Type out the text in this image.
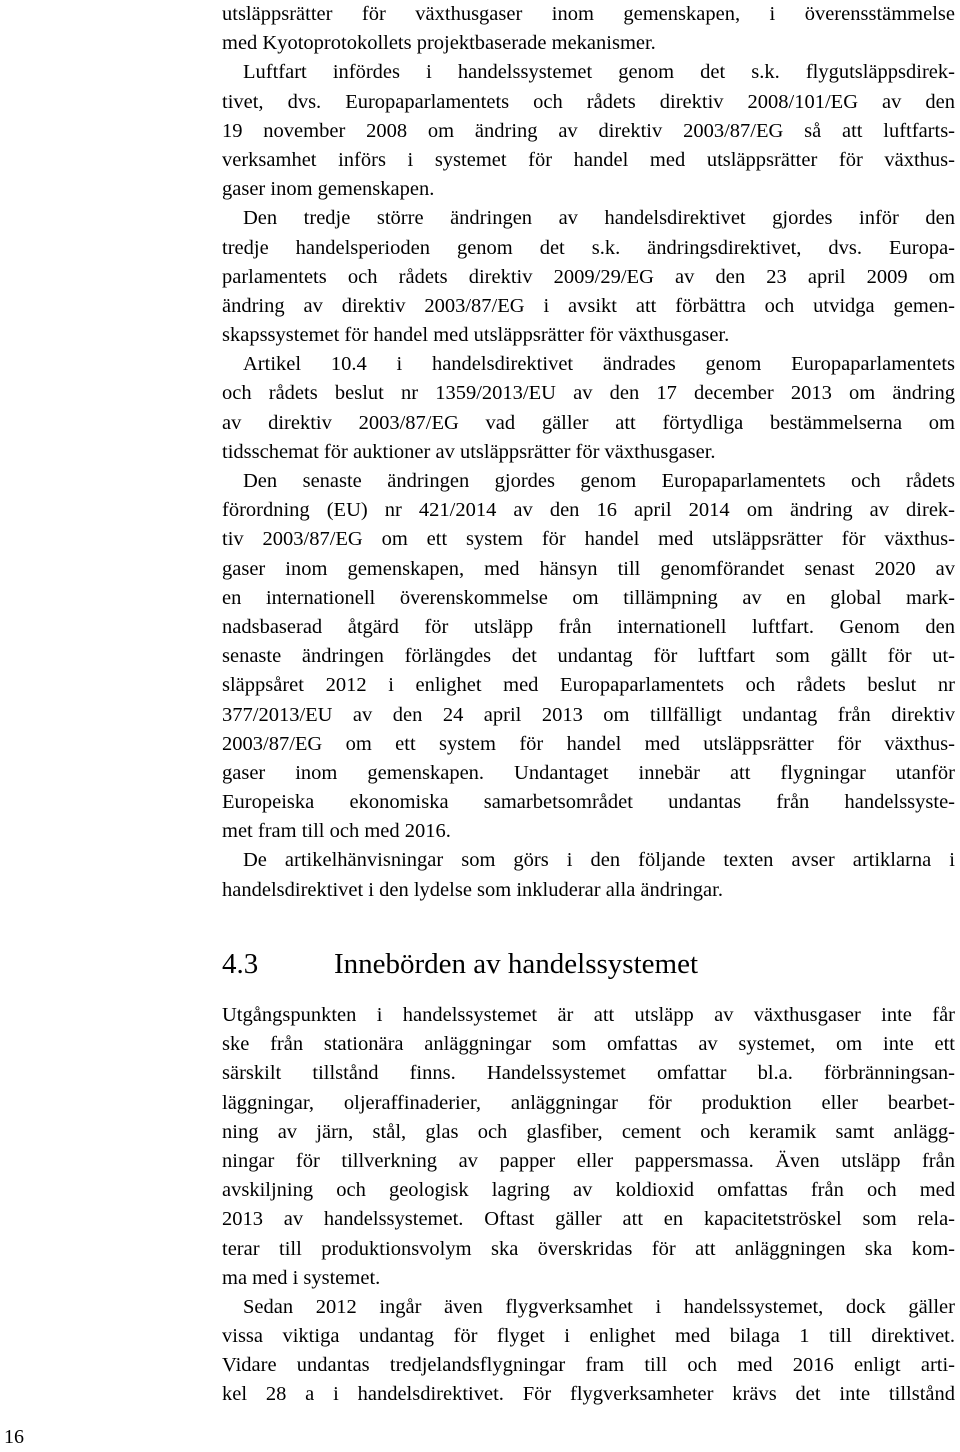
utsläppsrätter för växthusgaser inom gemenskapen, i överensstämmelse
med Kyotoprotokollets projektbaserade mekanismer.
Luftfart infördes i handelssystemet genom det s.k. flygutsläppsdirek-
tivet, dvs. Europaparlamentets och rådets direktiv 2008/101/EG av den
19 november 2008 om ändring av direktiv 2003/87/EG så att luftfarts-
verksamhet införs i systemet för handel med utsläppsrätter för växthus-
gaser inom gemenskapen.
Den tredje större ändringen av handelsdirektivet gjordes inför den
tredje handelsperioden genom det s.k. ändringsdirektivet, dvs. Europa-
parlamentets och rådets direktiv 2009/29/EG av den 23 april 2009 om
ändring av direktiv 2003/87/EG i avsikt att förbättra och utvidga gemen-
skapssystemet för handel med utsläppsrätter för växthusgaser.
Artikel 10.4 i handelsdirektivet ändrades genom Europaparlamentets
och rådets beslut nr 1359/2013/EU av den 17 december 2013 om ändring
av direktiv 2003/87/EG vad gäller att förtydliga bestämmelserna om
tidsschemat för auktioner av utsläppsrätter för växthusgaser.
Den senaste ändringen gjordes genom Europaparlamentets och rådets
förordning (EU) nr 421/2014 av den 16 april 2014 om ändring av direk-
tiv 2003/87/EG om ett system för handel med utsläppsrätter för växthus-
gaser inom gemenskapen, med hänsyn till genomförandet senast 2020 av
en internationell överenskommelse om tillämpning av en global mark-
nadsbaserad åtgärd för utsläpp från internationell luftfart. Genom den
senaste ändringen förlängdes det undantag för luftfart som gällt för ut-
släppsåret 2012 i enlighet med Europaparlamentets och rådets beslut nr
377/2013/EU av den 24 april 2013 om tillfälligt undantag från direktiv
2003/87/EG om ett system för handel med utsläppsrätter för växthus-
gaser inom gemenskapen. Undantaget innebär att flygningar utanför
Europeiska ekonomiska samarbetsområdet undantas från handelssyste-
met fram till och med 2016.
De artikelhänvisningar som görs i den följande texten avser artiklarna i
handelsdirektivet i den lydelse som inkluderar alla ändringar.
4.3	Innebörden av handelssystemet
Utgångspunkten i handelssystemet är att utsläpp av växthusgaser inte får
ske från stationära anläggningar som omfattas av systemet, om inte ett
särskilt tillstånd finns. Handelssystemet omfattar bl.a. förbränningsan-
läggningar, oljeraffinaderier, anläggningar för produktion eller bearbet-
ning av järn, stål, glas och glasfiber, cement och keramik samt anlägg-
ningar för tillverkning av papper eller pappersmassa. Även utsläpp från
avskiljning och geologisk lagring av koldioxid omfattas från och med
2013 av handelssystemet. Oftast gäller att en kapacitetströskel som rela-
terar till produktionsvolym ska överskridas för att anläggningen ska kom-
ma med i systemet.
Sedan 2012 ingår även flygverksamhet i handelssystemet, dock gäller
vissa viktiga undantag för flyget i enlighet med bilaga 1 till direktivet.
Vidare undantas tredjelandsflygningar fram till och med 2016 enligt arti-
kel 28 a i handelsdirektivet. För flygverksamheter krävs det inte tillstånd
16
